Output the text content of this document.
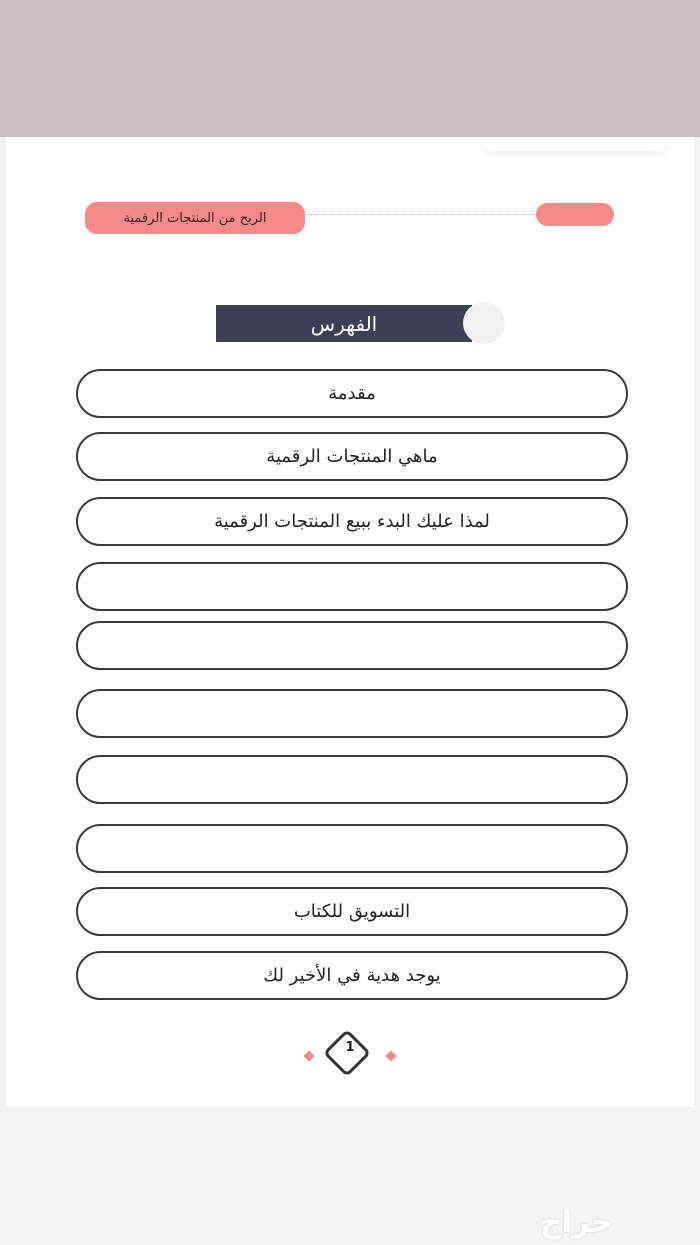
الربح من المنتجات الرقمية
الفهرس
مقدمة
ماهي المنتجات الرقمية
لمذا عليك البدء ببيع المنتجات الرقمية
التسويق للكتاب
يوجد هدية في الأخير لك
1
حراج
